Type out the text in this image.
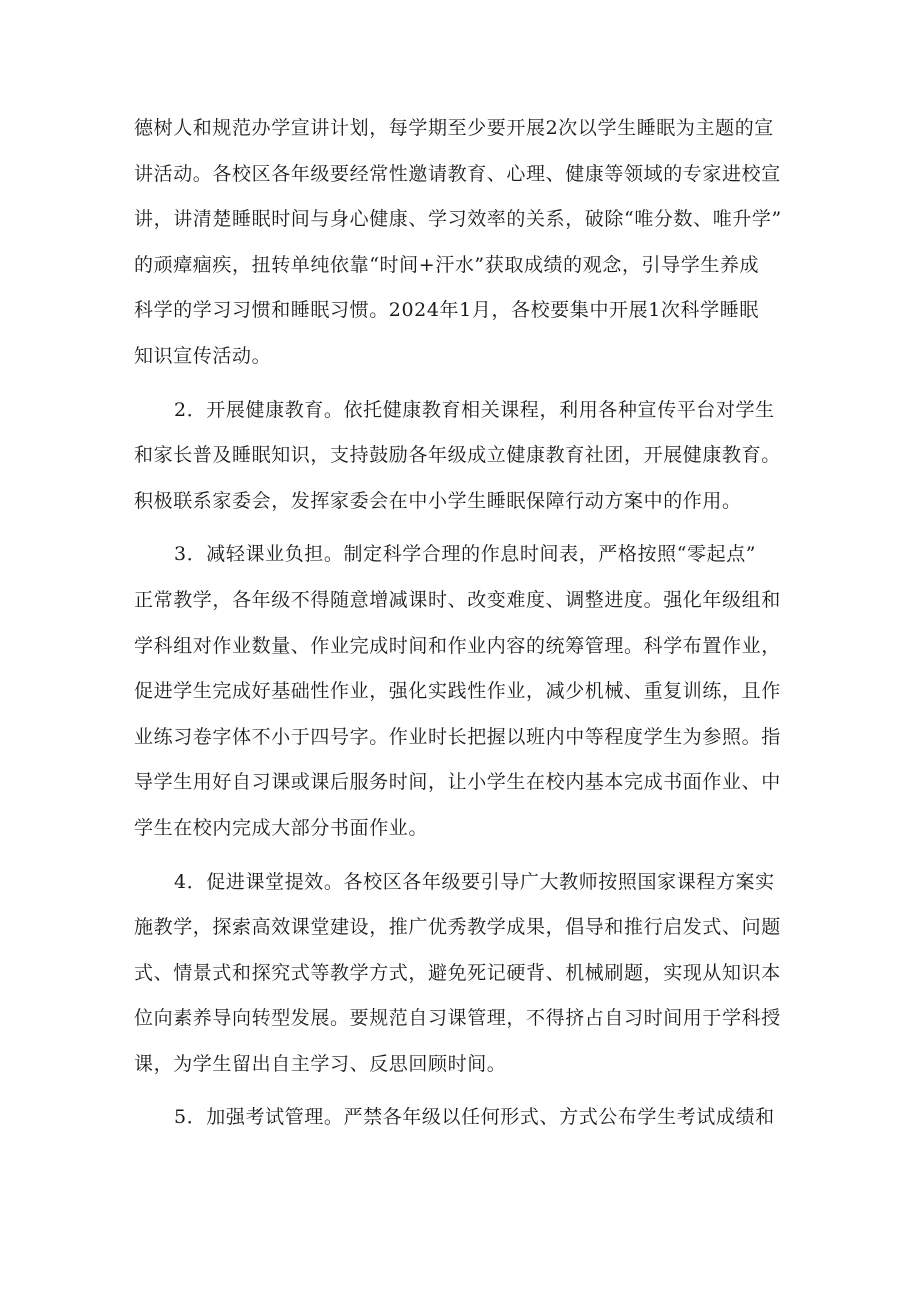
德树人和规范办学宣讲计划，每学期至少要开展2次以学生睡眠为主题的宣
讲活动。各校区各年级要经常性邀请教育、心理、健康等领域的专家进校宣
讲，讲清楚睡眠时间与身心健康、学习效率的关系，破除“唯分数、唯升学”
的顽瘴痼疾，扭转单纯依靠“时间+汗水”获取成绩的观念，引导学生养成
科学的学习习惯和睡眠习惯。2024年1月，各校要集中开展1次科学睡眠
知识宣传活动。
2．开展健康教育。依托健康教育相关课程，利用各种宣传平台对学生
和家长普及睡眠知识，支持鼓励各年级成立健康教育社团，开展健康教育。
积极联系家委会，发挥家委会在中小学生睡眠保障行动方案中的作用。
3．减轻课业负担。制定科学合理的作息时间表，严格按照“零起点”
正常教学，各年级不得随意增减课时、改变难度、调整进度。强化年级组和
学科组对作业数量、作业完成时间和作业内容的统筹管理。科学布置作业，
促进学生完成好基础性作业，强化实践性作业，减少机械、重复训练，且作
业练习卷字体不小于四号字。作业时长把握以班内中等程度学生为参照。指
导学生用好自习课或课后服务时间，让小学生在校内基本完成书面作业、中
学生在校内完成大部分书面作业。
4．促进课堂提效。各校区各年级要引导广大教师按照国家课程方案实
施教学，探索高效课堂建设，推广优秀教学成果，倡导和推行启发式、问题
式、情景式和探究式等教学方式，避免死记硬背、机械刷题，实现从知识本
位向素养导向转型发展。要规范自习课管理，不得挤占自习时间用于学科授
课，为学生留出自主学习、反思回顾时间。
5．加强考试管理。严禁各年级以任何形式、方式公布学生考试成绩和
